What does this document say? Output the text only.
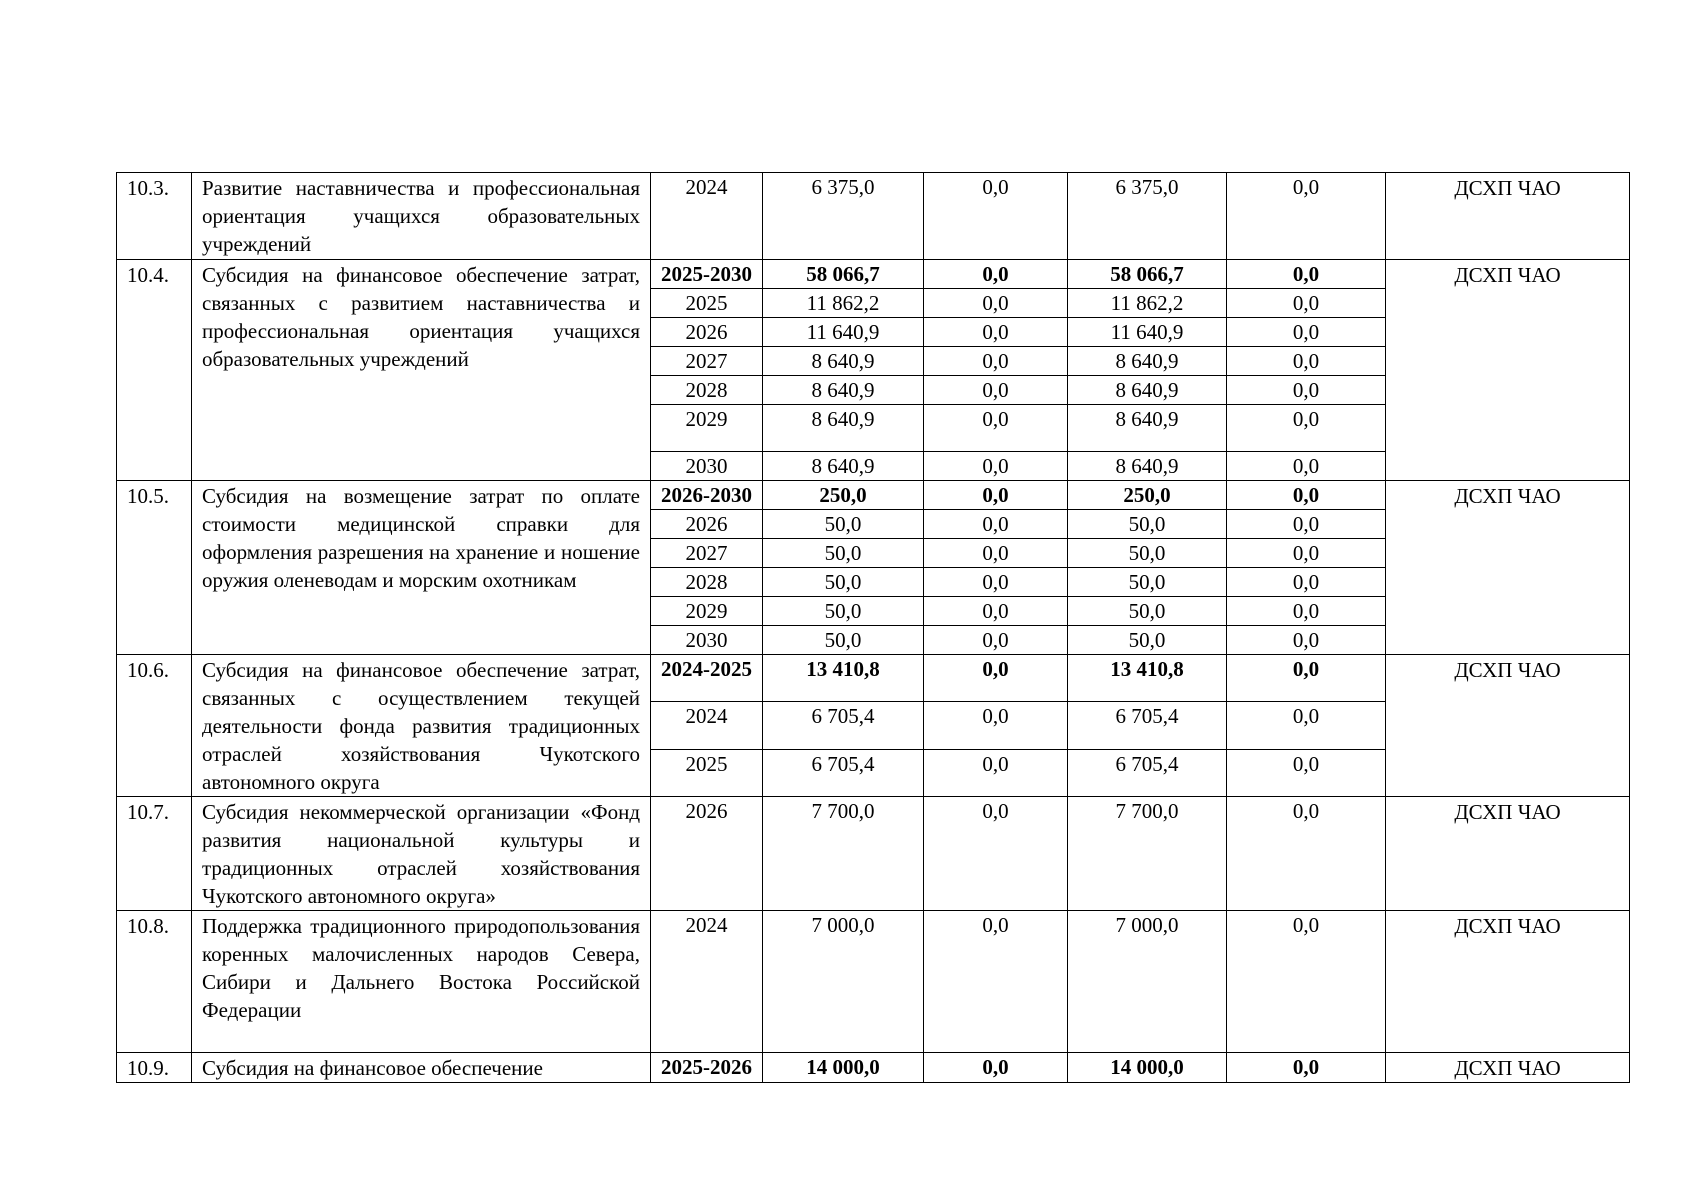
10.3.	Развитие наставничества и профессиональная ориентация учащихся образовательных учреждений	2024	6 375,0	0,0	6 375,0	0,0	ДСХП ЧАО
10.4.	Субсидия на финансовое обеспечение затрат, связанных с развитием наставничества и профессиональная ориентация учащихся образовательных учреждений	2025-2030	58 066,7	0,0	58 066,7	0,0	ДСХП ЧАО
		2025	11 862,2	0,0	11 862,2	0,0	
		2026	11 640,9	0,0	11 640,9	0,0	
		2027	8 640,9	0,0	8 640,9	0,0	
		2028	8 640,9	0,0	8 640,9	0,0	
		2029	8 640,9	0,0	8 640,9	0,0	
		2030	8 640,9	0,0	8 640,9	0,0	
10.5.	Субсидия на возмещение затрат по оплате стоимости медицинской справки для оформления разрешения на хранение и ношение оружия оленеводам и морским охотникам	2026-2030	250,0	0,0	250,0	0,0	ДСХП ЧАО
		2026	50,0	0,0	50,0	0,0	
		2027	50,0	0,0	50,0	0,0	
		2028	50,0	0,0	50,0	0,0	
		2029	50,0	0,0	50,0	0,0	
		2030	50,0	0,0	50,0	0,0	
10.6.	Субсидия на финансовое обеспечение затрат, связанных с осуществлением текущей деятельности фонда развития традиционных отраслей хозяйствования Чукотского автономного округа	2024-2025	13 410,8	0,0	13 410,8	0,0	ДСХП ЧАО
		2024	6 705,4	0,0	6 705,4	0,0	
		2025	6 705,4	0,0	6 705,4	0,0	
10.7.	Субсидия некоммерческой организации «Фонд развития национальной культуры и традиционных отраслей хозяйствования Чукотского автономного округа»	2026	7 700,0	0,0	7 700,0	0,0	ДСХП ЧАО
10.8.	Поддержка традиционного природопользования коренных малочисленных народов Севера, Сибири и Дальнего Востока Российской Федерации	2024	7 000,0	0,0	7 000,0	0,0	ДСХП ЧАО
10.9.	Субсидия на финансовое обеспечение	2025-2026	14 000,0	0,0	14 000,0	0,0	ДСХП ЧАО
